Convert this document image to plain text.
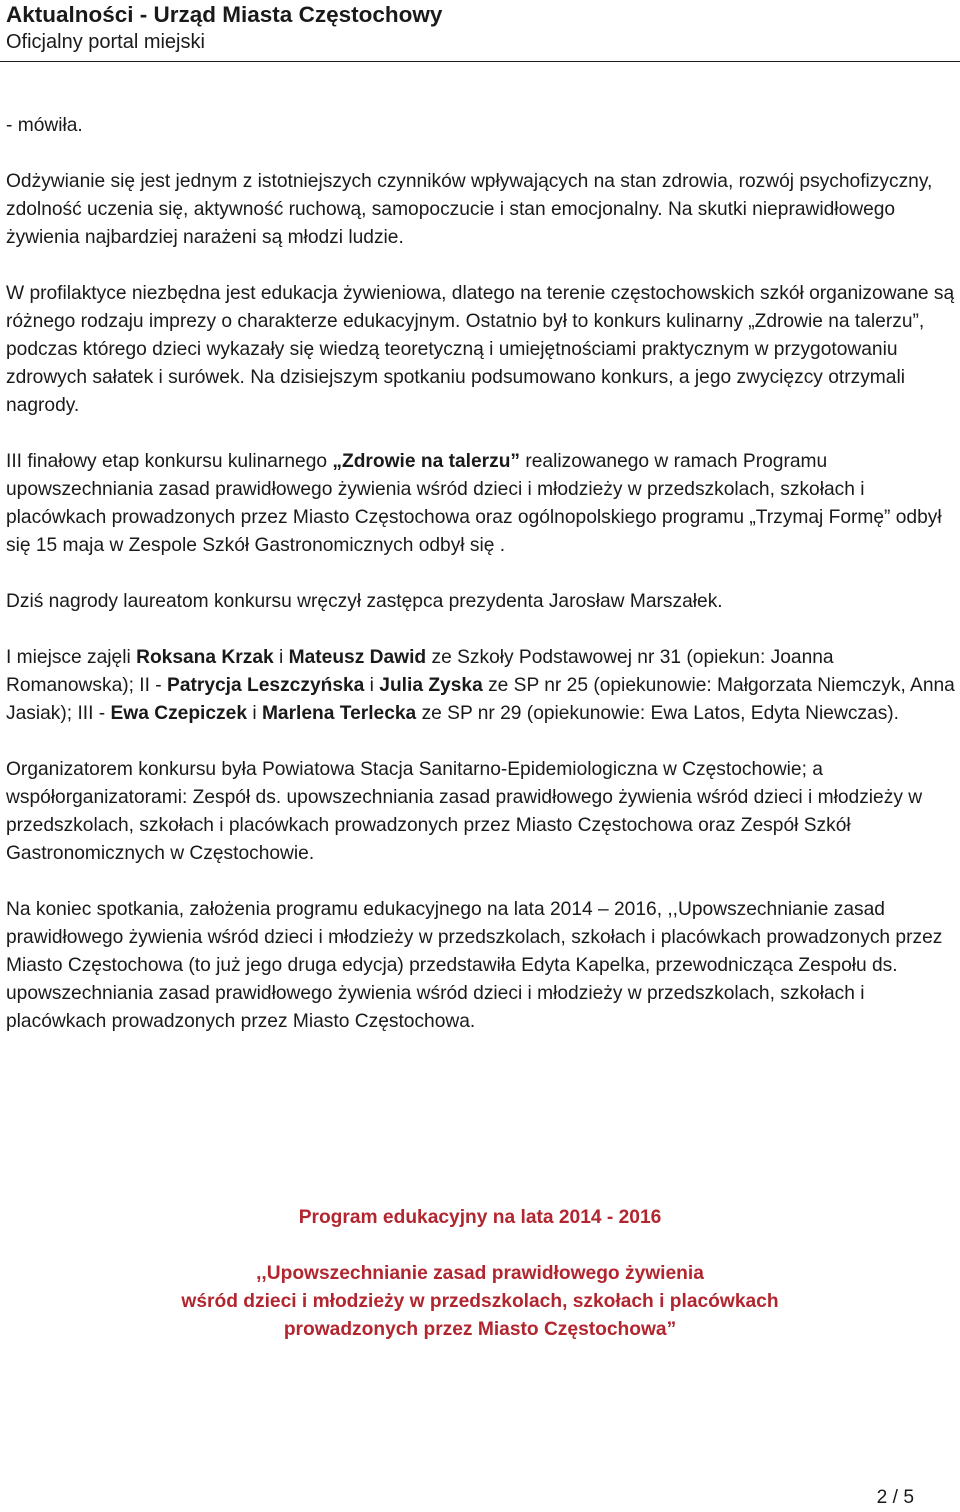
Aktualności - Urząd Miasta Częstochowy
Oficjalny portal miejski

- mówiła.

Odżywianie się jest jednym z istotniejszych czynników wpływających na stan zdrowia, rozwój psychofizyczny, zdolność uczenia się, aktywność ruchową, samopoczucie i stan emocjonalny. Na skutki nieprawidłowego żywienia najbardziej narażeni są młodzi ludzie.

W profilaktyce niezbędna jest edukacja żywieniowa, dlatego na terenie częstochowskich szkół organizowane są różnego rodzaju imprezy o charakterze edukacyjnym. Ostatnio był to konkurs kulinarny „Zdrowie na talerzu”, podczas którego dzieci wykazały się wiedzą teoretyczną i umiejętnościami praktycznym w przygotowaniu zdrowych sałatek i surówek. Na dzisiejszym spotkaniu podsumowano konkurs, a jego zwycięzcy otrzymali nagrody.

III finałowy etap konkursu kulinarnego „Zdrowie na talerzu” realizowanego w ramach Programu upowszechniania zasad prawidłowego żywienia wśród dzieci i młodzieży w przedszkolach, szkołach i placówkach prowadzonych przez Miasto Częstochowa oraz ogólnopolskiego programu „Trzymaj Formę” odbył się 15 maja w Zespole Szkół Gastronomicznych odbył się .

Dziś nagrody laureatom konkursu wręczył zastępca prezydenta Jarosław Marszałek.

I miejsce zajęli Roksana Krzak i Mateusz Dawid ze Szkoły Podstawowej nr 31 (opiekun: Joanna Romanowska); II - Patrycja Leszczyńska i Julia Zyska ze SP nr 25 (opiekunowie: Małgorzata Niemczyk, Anna Jasiak); III - Ewa Czepiczek i Marlena Terlecka ze SP nr 29 (opiekunowie: Ewa Latos, Edyta Niewczas).

Organizatorem konkursu była Powiatowa Stacja Sanitarno-Epidemiologiczna w Częstochowie; a współorganizatorami: Zespół ds. upowszechniania zasad prawidłowego żywienia wśród dzieci i młodzieży w przedszkolach, szkołach i placówkach prowadzonych przez Miasto Częstochowa oraz Zespół Szkół Gastronomicznych w Częstochowie.

Na koniec spotkania, założenia programu edukacyjnego na lata 2014 – 2016, ,,Upowszechnianie zasad prawidłowego żywienia wśród dzieci i młodzieży w przedszkolach, szkołach i placówkach prowadzonych przez Miasto Częstochowa (to już jego druga edycja) przedstawiła Edyta Kapelka, przewodnicząca Zespołu ds. upowszechniania zasad prawidłowego żywienia wśród dzieci i młodzieży w przedszkolach, szkołach i placówkach prowadzonych przez Miasto Częstochowa.

Program edukacyjny na lata 2014 - 2016
,,Upowszechnianie zasad prawidłowego żywienia
wśród dzieci i młodzieży w przedszkolach, szkołach i placówkach
prowadzonych przez Miasto Częstochowa”
2 / 5
